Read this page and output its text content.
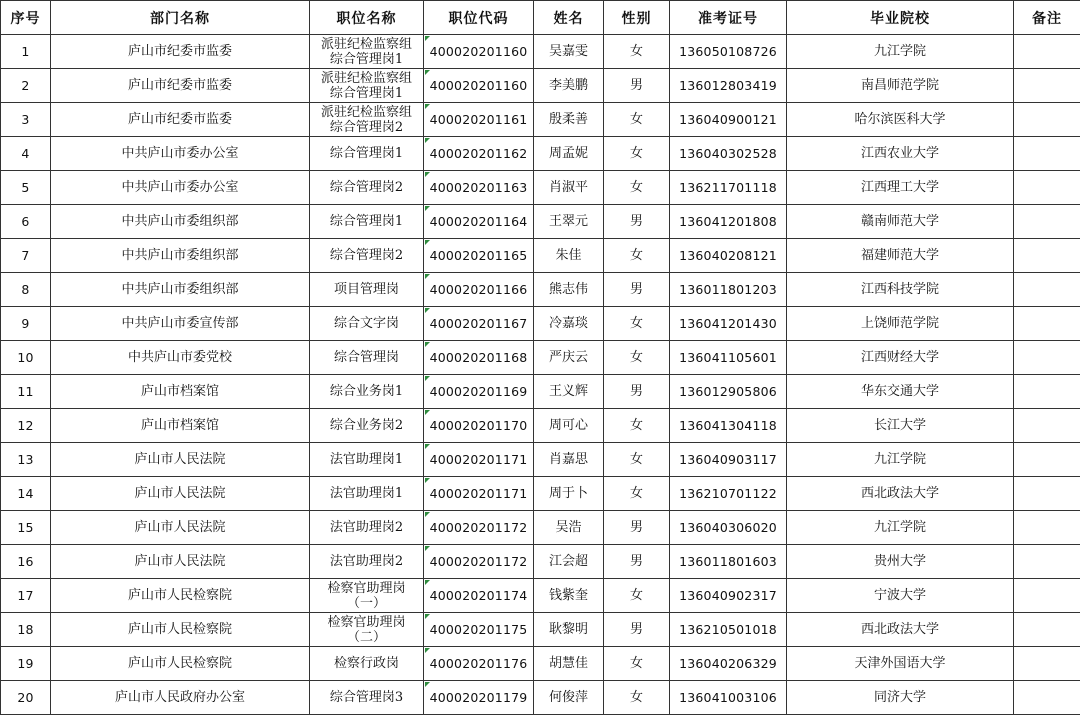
序号	部门名称	职位名称	职位代码	姓名	性别	准考证号	毕业院校	备注
1	庐山市纪委市监委	派驻纪检监察组综合管理岗1	400020201160	吴嘉雯	女	136050108726	九江学院	
2	庐山市纪委市监委	派驻纪检监察组综合管理岗1	400020201160	李美鹏	男	136012803419	南昌师范学院	
3	庐山市纪委市监委	派驻纪检监察组综合管理岗2	400020201161	殷柔善	女	136040900121	哈尔滨医科大学	
4	中共庐山市委办公室	综合管理岗1	400020201162	周孟妮	女	136040302528	江西农业大学	
5	中共庐山市委办公室	综合管理岗2	400020201163	肖淑平	女	136211701118	江西理工大学	
6	中共庐山市委组织部	综合管理岗1	400020201164	王翠元	男	136041201808	赣南师范大学	
7	中共庐山市委组织部	综合管理岗2	400020201165	朱佳	女	136040208121	福建师范大学	
8	中共庐山市委组织部	项目管理岗	400020201166	熊志伟	男	136011801203	江西科技学院	
9	中共庐山市委宣传部	综合文字岗	400020201167	冷嘉琰	女	136041201430	上饶师范学院	
10	中共庐山市委党校	综合管理岗	400020201168	严庆云	女	136041105601	江西财经大学	
11	庐山市档案馆	综合业务岗1	400020201169	王义辉	男	136012905806	华东交通大学	
12	庐山市档案馆	综合业务岗2	400020201170	周可心	女	136041304118	长江大学	
13	庐山市人民法院	法官助理岗1	400020201171	肖嘉思	女	136040903117	九江学院	
14	庐山市人民法院	法官助理岗1	400020201171	周于卜	女	136210701122	西北政法大学	
15	庐山市人民法院	法官助理岗2	400020201172	吴浩	男	136040306020	九江学院	
16	庐山市人民法院	法官助理岗2	400020201172	江会超	男	136011801603	贵州大学	
17	庐山市人民检察院	检察官助理岗（一）	400020201174	钱紫奎	女	136040902317	宁波大学	
18	庐山市人民检察院	检察官助理岗（二）	400020201175	耿黎明	男	136210501018	西北政法大学	
19	庐山市人民检察院	检察行政岗	400020201176	胡慧佳	女	136040206329	天津外国语大学	
20	庐山市人民政府办公室	综合管理岗3	400020201179	何俊萍	女	136041003106	同济大学	
